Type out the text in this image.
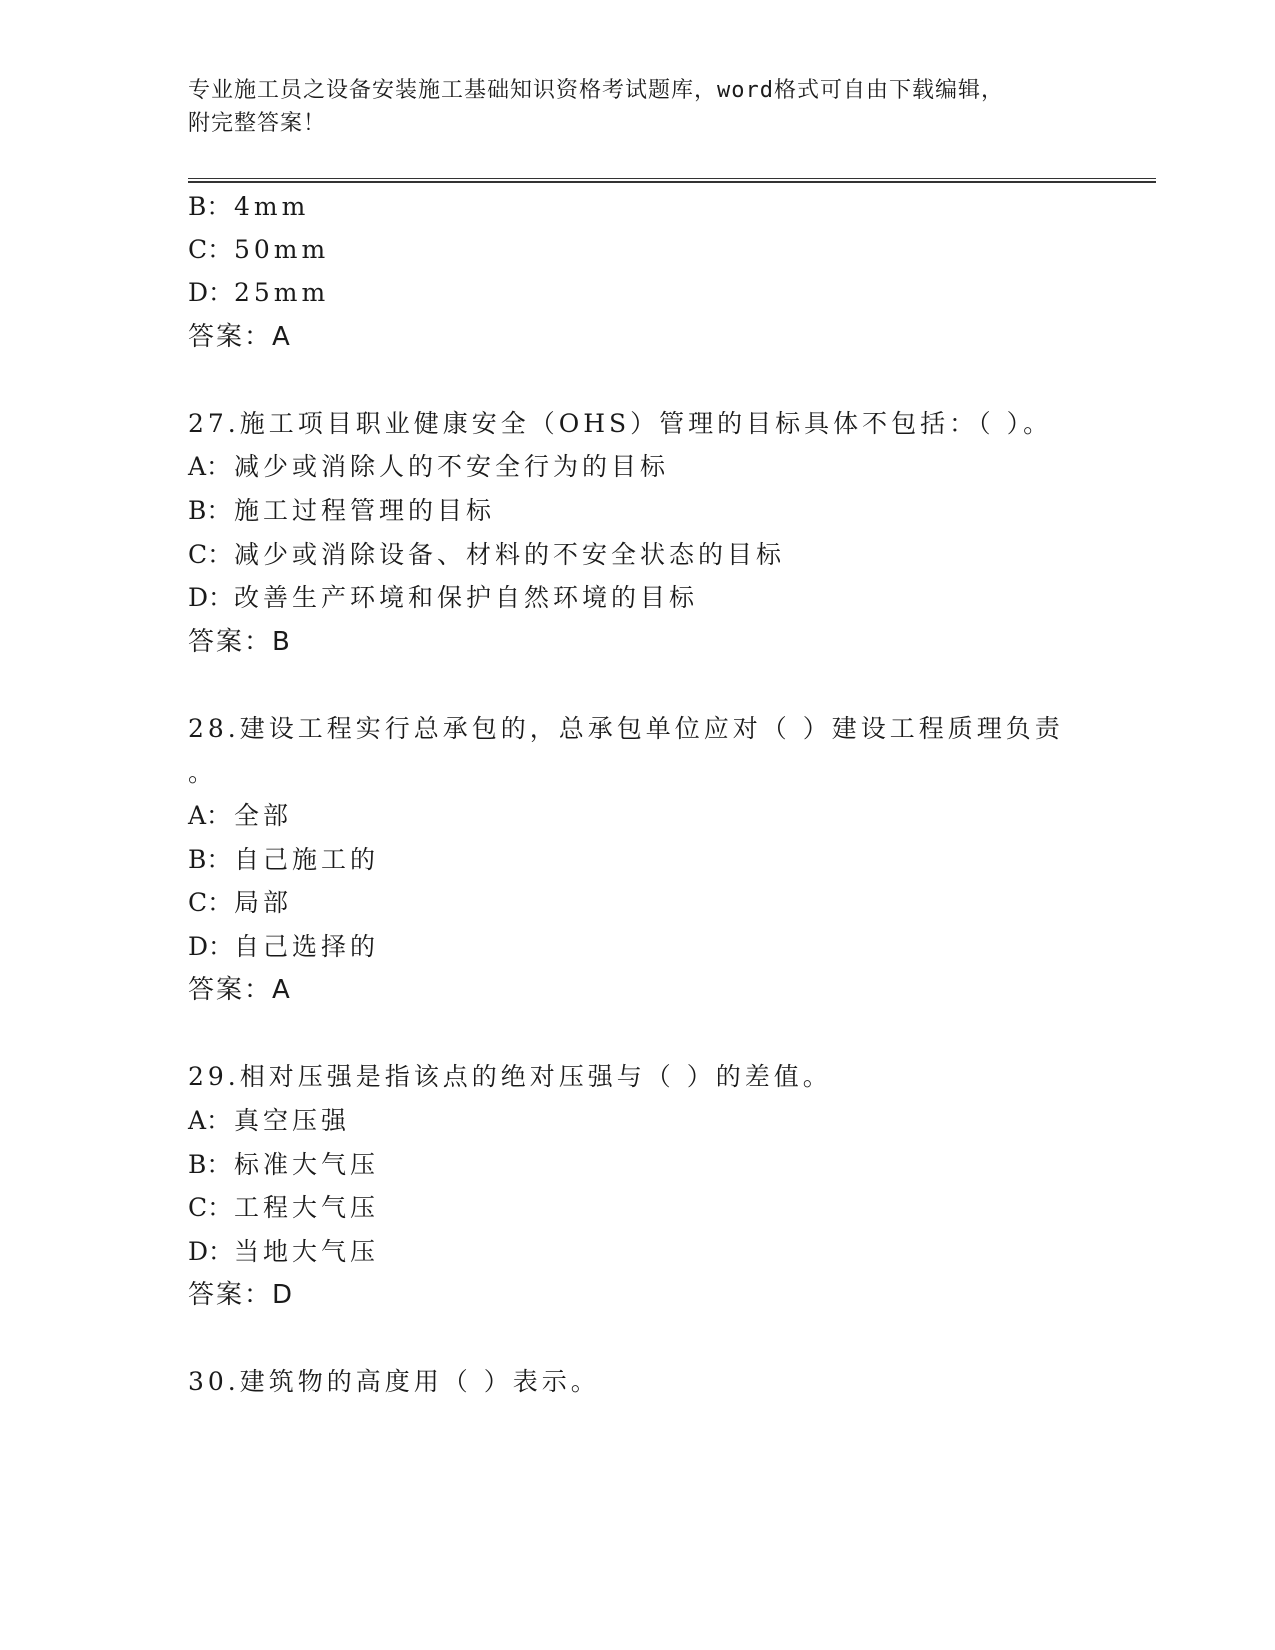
专业施工员之设备安装施工基础知识资格考试题库，word格式可自由下载编辑，
附完整答案！
B： 4mm
C：50mm
D：25mm
答案：A
27.施工项目职业健康安全（OHS）管理的目标具体不包括：（ ）。
A： 减少或消除人的不安全行为的目标
B： 施工过程管理的目标
C：减少或消除设备、材料的不安全状态的目标
D：改善生产环境和保护自然环境的目标
答案：B
28.建设工程实行总承包的，总承包单位应对（ ）建设工程质理负责
。
A： 全部
B： 自己施工的
C：局部
D：自己选择的
答案：A
29.相对压强是指该点的绝对压强与（ ）的差值。
A： 真空压强
B： 标准大气压
C：工程大气压
D：当地大气压
答案：D
30.建筑物的高度用（ ）表示。
